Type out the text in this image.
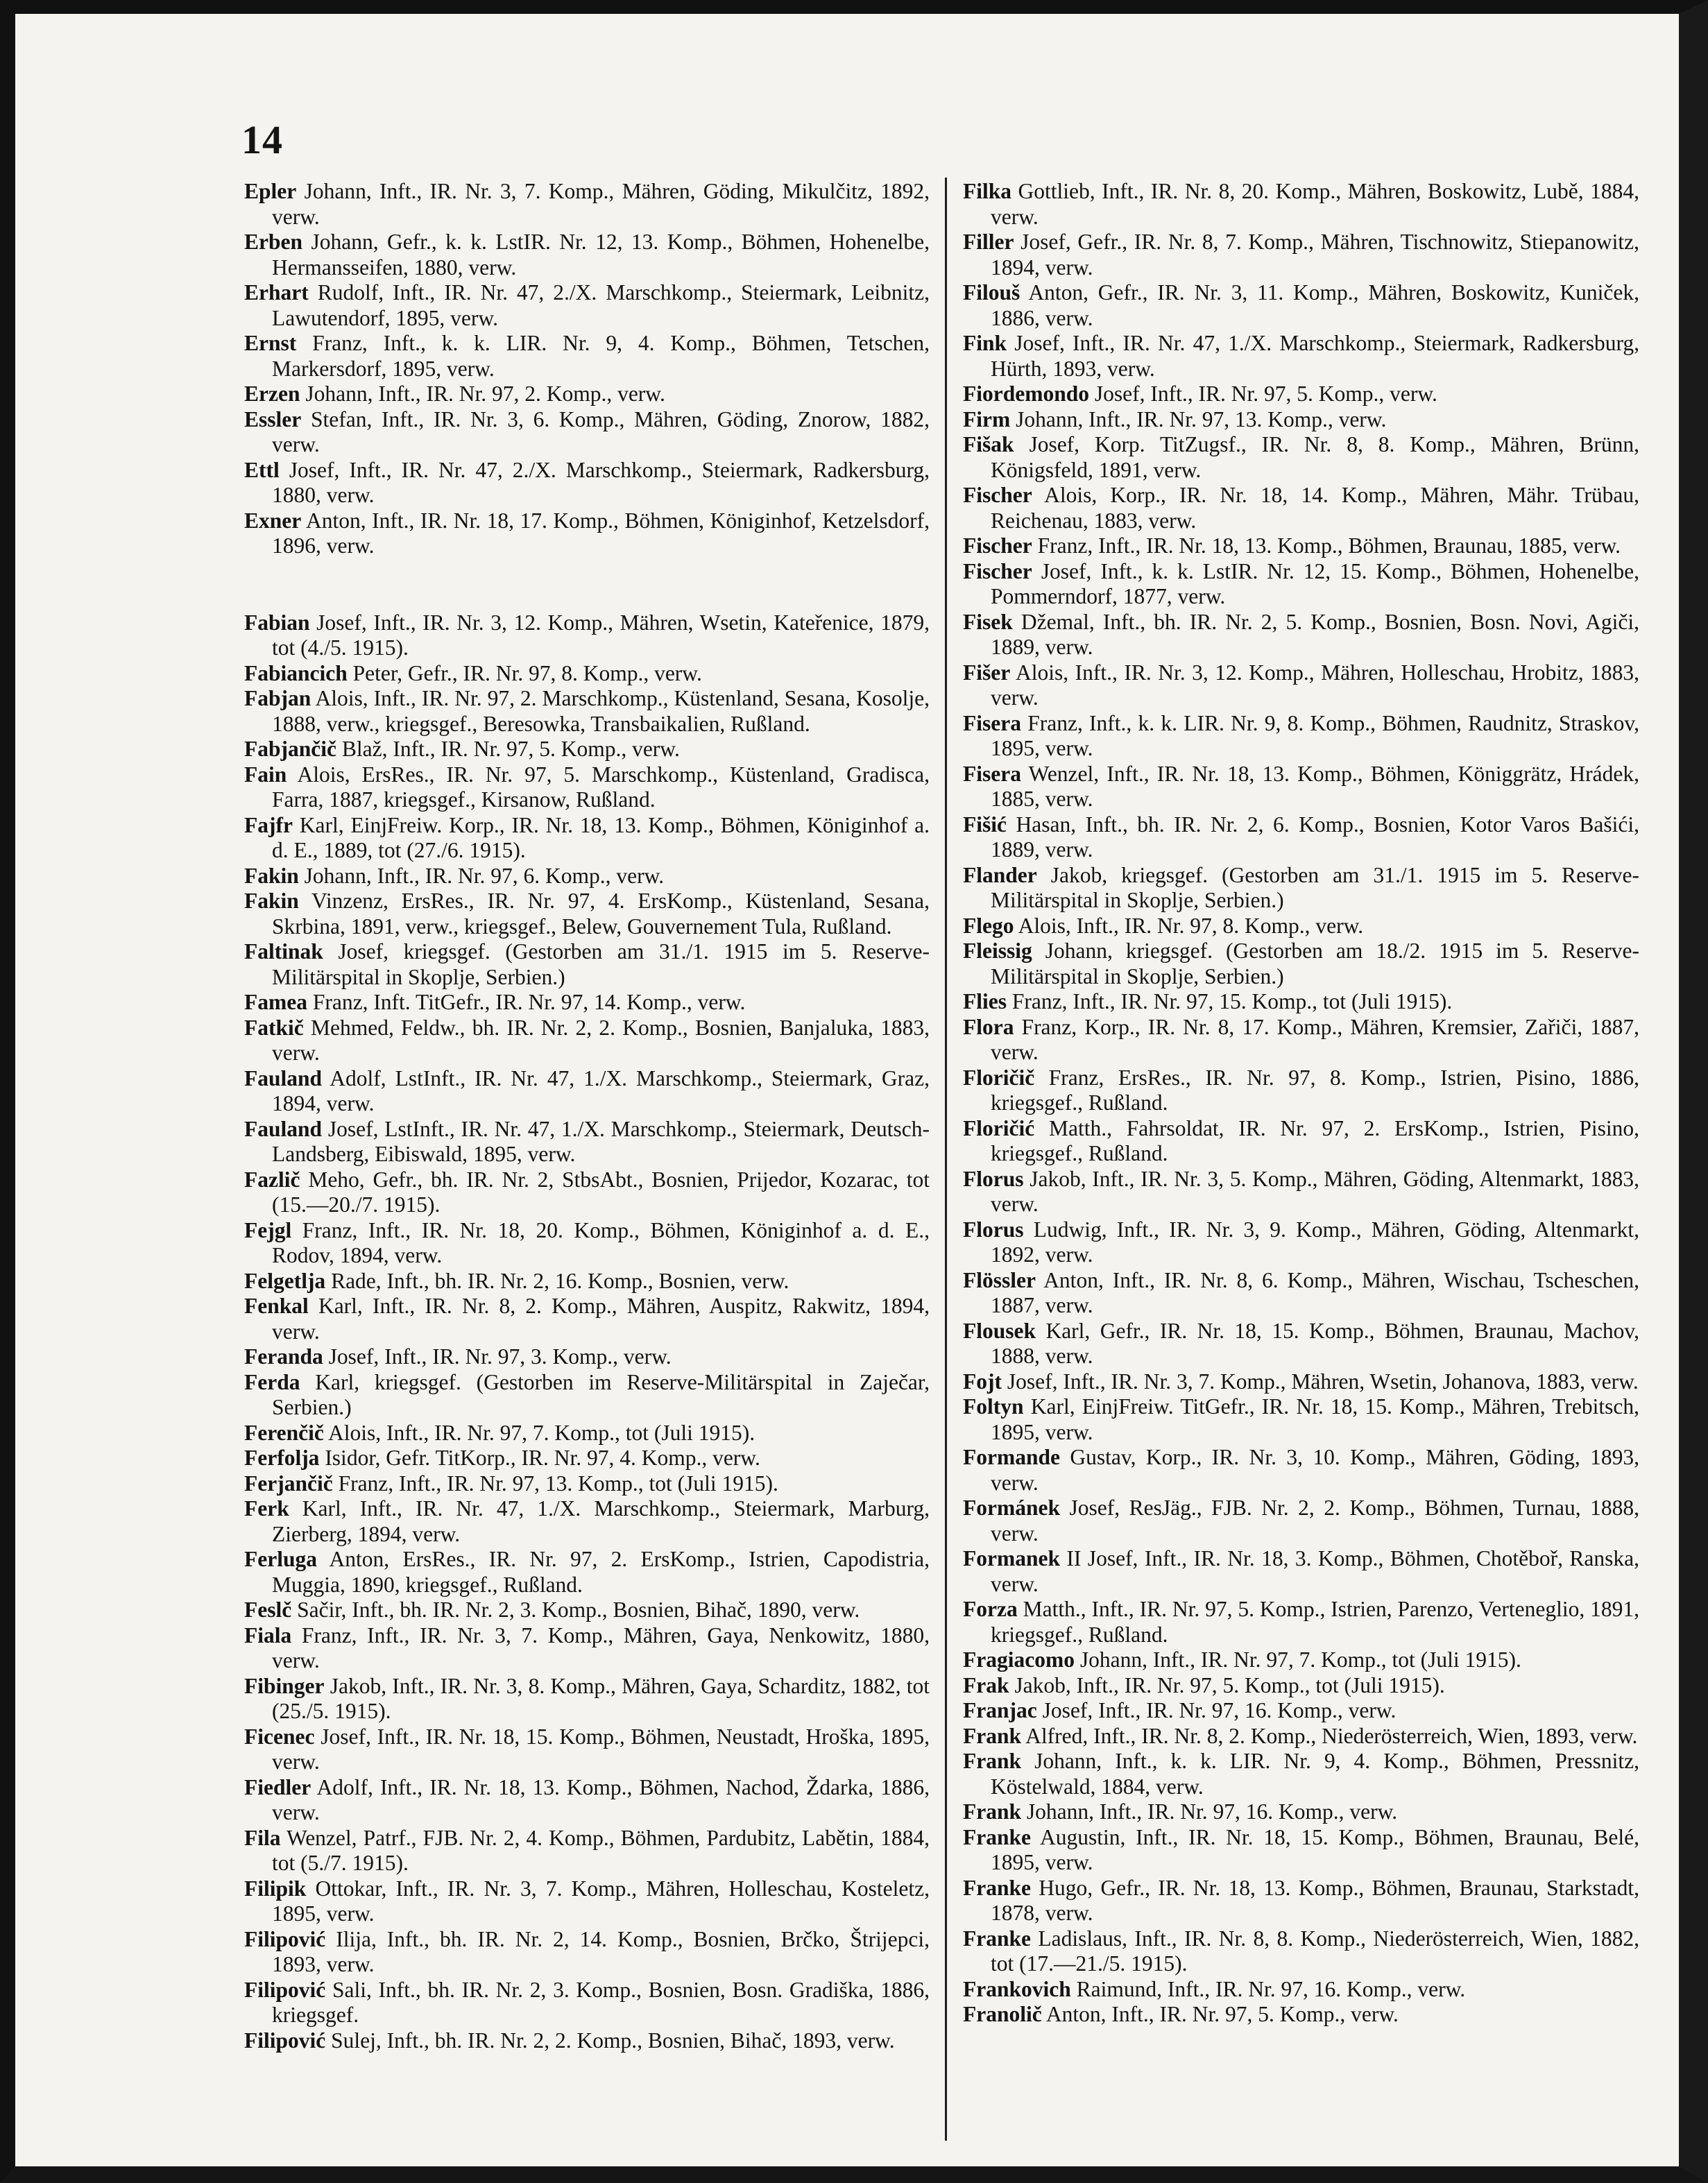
14

Epler Johann, Inft., IR. Nr. 3, 7. Komp., Mähren, Göding, Mikulčitz, 1892, verw.

Erben Johann, Gefr., k. k. LstIR. Nr. 12, 13. Komp., Böhmen, Hohenelbe, Hermansseifen, 1880, verw.

Erhart Rudolf, Inft., IR. Nr. 47, 2./X. Marschkomp., Steiermark, Leibnitz, Lawutendorf, 1895, verw.

Ernst Franz, Inft., k. k. LIR. Nr. 9, 4. Komp., Böhmen, Tetschen, Markersdorf, 1895, verw.

Erzen Johann, Inft., IR. Nr. 97, 2. Komp., verw.

Essler Stefan, Inft., IR. Nr. 3, 6. Komp., Mähren, Göding, Znorow, 1882, verw.

Ettl Josef, Inft., IR. Nr. 47, 2./X. Marschkomp., Steiermark, Radkersburg, 1880, verw.

Exner Anton, Inft., IR. Nr. 18, 17. Komp., Böhmen, Königinhof, Ketzelsdorf, 1896, verw.

Fabian Josef, Inft., IR. Nr. 3, 12. Komp., Mähren, Wsetin, Kateřenice, 1879, tot (4./5. 1915).

Fabiancich Peter, Gefr., IR. Nr. 97, 8. Komp., verw.

Fabjan Alois, Inft., IR. Nr. 97, 2. Marschkomp., Küstenland, Sesana, Kosolje, 1888, verw., kriegsgef., Beresowka, Transbaikalien, Rußland.

Fabjančič Blaž, Inft., IR. Nr. 97, 5. Komp., verw.

Fain Alois, ErsRes., IR. Nr. 97, 5. Marschkomp., Küstenland, Gradisca, Farra, 1887, kriegsgef., Kirsanow, Rußland.

Fajfr Karl, EinjFreiw. Korp., IR. Nr. 18, 13. Komp., Böhmen, Königinhof a. d. E., 1889, tot (27./6. 1915).

Fakin Johann, Inft., IR. Nr. 97, 6. Komp., verw.

Fakin Vinzenz, ErsRes., IR. Nr. 97, 4. ErsKomp., Küstenland, Sesana, Skrbina, 1891, verw., kriegsgef., Belew, Gouvernement Tula, Rußland.

Faltinak Josef, kriegsgef. (Gestorben am 31./1. 1915 im 5. Reserve-Militärspital in Skoplje, Serbien.)

Famea Franz, Inft. TitGefr., IR. Nr. 97, 14. Komp., verw.

Fatkič Mehmed, Feldw., bh. IR. Nr. 2, 2. Komp., Bosnien, Banjaluka, 1883, verw.

Fauland Adolf, LstInft., IR. Nr. 47, 1./X. Marschkomp., Steiermark, Graz, 1894, verw.

Fauland Josef, LstInft., IR. Nr. 47, 1./X. Marschkomp., Steiermark, Deutsch-Landsberg, Eibiswald, 1895, verw.

Fazlič Meho, Gefr., bh. IR. Nr. 2, StbsAbt., Bosnien, Prijedor, Kozarac, tot (15.—20./7. 1915).

Fejgl Franz, Inft., IR. Nr. 18, 20. Komp., Böhmen, Königinhof a. d. E., Rodov, 1894, verw.

Felgetlja Rade, Inft., bh. IR. Nr. 2, 16. Komp., Bosnien, verw.

Fenkal Karl, Inft., IR. Nr. 8, 2. Komp., Mähren, Auspitz, Rakwitz, 1894, verw.

Feranda Josef, Inft., IR. Nr. 97, 3. Komp., verw.

Ferda Karl, kriegsgef. (Gestorben im Reserve-Militärspital in Zaječar, Serbien.)

Ferenčič Alois, Inft., IR. Nr. 97, 7. Komp., tot (Juli 1915).

Ferfolja Isidor, Gefr. TitKorp., IR. Nr. 97, 4. Komp., verw.

Ferjančič Franz, Inft., IR. Nr. 97, 13. Komp., tot (Juli 1915).

Ferk Karl, Inft., IR. Nr. 47, 1./X. Marschkomp., Steiermark, Marburg, Zierberg, 1894, verw.

Ferluga Anton, ErsRes., IR. Nr. 97, 2. ErsKomp., Istrien, Capodistria, Muggia, 1890, kriegsgef., Rußland.

Feslč Sačir, Inft., bh. IR. Nr. 2, 3. Komp., Bosnien, Bihač, 1890, verw.

Fiala Franz, Inft., IR. Nr. 3, 7. Komp., Mähren, Gaya, Nenkowitz, 1880, verw.

Fibinger Jakob, Inft., IR. Nr. 3, 8. Komp., Mähren, Gaya, Scharditz, 1882, tot (25./5. 1915).

Ficenec Josef, Inft., IR. Nr. 18, 15. Komp., Böhmen, Neustadt, Hroška, 1895, verw.

Fiedler Adolf, Inft., IR. Nr. 18, 13. Komp., Böhmen, Nachod, Ždarka, 1886, verw.

Fila Wenzel, Patrf., FJB. Nr. 2, 4. Komp., Böhmen, Pardubitz, Labětin, 1884, tot (5./7. 1915).

Filipik Ottokar, Inft., IR. Nr. 3, 7. Komp., Mähren, Holleschau, Kosteletz, 1895, verw.

Filipović Ilija, Inft., bh. IR. Nr. 2, 14. Komp., Bosnien, Brčko, Štrijepci, 1893, verw.

Filipović Sali, Inft., bh. IR. Nr. 2, 3. Komp., Bosnien, Bosn. Gradiška, 1886, kriegsgef.

Filipović Sulej, Inft., bh. IR. Nr. 2, 2. Komp., Bosnien, Bihač, 1893, verw.

Filka Gottlieb, Inft., IR. Nr. 8, 20. Komp., Mähren, Boskowitz, Lubě, 1884, verw.

Filler Josef, Gefr., IR. Nr. 8, 7. Komp., Mähren, Tischnowitz, Stiepanowitz, 1894, verw.

Filouš Anton, Gefr., IR. Nr. 3, 11. Komp., Mähren, Boskowitz, Kuniček, 1886, verw.

Fink Josef, Inft., IR. Nr. 47, 1./X. Marschkomp., Steiermark, Radkersburg, Hürth, 1893, verw.

Fiordemondo Josef, Inft., IR. Nr. 97, 5. Komp., verw.

Firm Johann, Inft., IR. Nr. 97, 13. Komp., verw.

Fišak Josef, Korp. TitZugsf., IR. Nr. 8, 8. Komp., Mähren, Brünn, Königsfeld, 1891, verw.

Fischer Alois, Korp., IR. Nr. 18, 14. Komp., Mähren, Mähr. Trübau, Reichenau, 1883, verw.

Fischer Franz, Inft., IR. Nr. 18, 13. Komp., Böhmen, Braunau, 1885, verw.

Fischer Josef, Inft., k. k. LstIR. Nr. 12, 15. Komp., Böhmen, Hohenelbe, Pommerndorf, 1877, verw.

Fisek Džemal, Inft., bh. IR. Nr. 2, 5. Komp., Bosnien, Bosn. Novi, Agiči, 1889, verw.

Fišer Alois, Inft., IR. Nr. 3, 12. Komp., Mähren, Holleschau, Hrobitz, 1883, verw.

Fisera Franz, Inft., k. k. LIR. Nr. 9, 8. Komp., Böhmen, Raudnitz, Straskov, 1895, verw.

Fisera Wenzel, Inft., IR. Nr. 18, 13. Komp., Böhmen, Königgrätz, Hrádek, 1885, verw.

Fišić Hasan, Inft., bh. IR. Nr. 2, 6. Komp., Bosnien, Kotor Varos Bašići, 1889, verw.

Flander Jakob, kriegsgef. (Gestorben am 31./1. 1915 im 5. Reserve-Militärspital in Skoplje, Serbien.)

Flego Alois, Inft., IR. Nr. 97, 8. Komp., verw.

Fleissig Johann, kriegsgef. (Gestorben am 18./2. 1915 im 5. Reserve-Militärspital in Skoplje, Serbien.)

Flies Franz, Inft., IR. Nr. 97, 15. Komp., tot (Juli 1915).

Flora Franz, Korp., IR. Nr. 8, 17. Komp., Mähren, Kremsier, Zařiči, 1887, verw.

Floričič Franz, ErsRes., IR. Nr. 97, 8. Komp., Istrien, Pisino, 1886, kriegsgef., Rußland.

Floričić Matth., Fahrsoldat, IR. Nr. 97, 2. ErsKomp., Istrien, Pisino, kriegsgef., Rußland.

Florus Jakob, Inft., IR. Nr. 3, 5. Komp., Mähren, Göding, Altenmarkt, 1883, verw.

Florus Ludwig, Inft., IR. Nr. 3, 9. Komp., Mähren, Göding, Altenmarkt, 1892, verw.

Flössler Anton, Inft., IR. Nr. 8, 6. Komp., Mähren, Wischau, Tscheschen, 1887, verw.

Flousek Karl, Gefr., IR. Nr. 18, 15. Komp., Böhmen, Braunau, Machov, 1888, verw.

Fojt Josef, Inft., IR. Nr. 3, 7. Komp., Mähren, Wsetin, Johanova, 1883, verw.

Foltyn Karl, EinjFreiw. TitGefr., IR. Nr. 18, 15. Komp., Mähren, Trebitsch, 1895, verw.

Formande Gustav, Korp., IR. Nr. 3, 10. Komp., Mähren, Göding, 1893, verw.

Formánek Josef, ResJäg., FJB. Nr. 2, 2. Komp., Böhmen, Turnau, 1888, verw.

Formanek II Josef, Inft., IR. Nr. 18, 3. Komp., Böhmen, Chotěboř, Ranska, verw.

Forza Matth., Inft., IR. Nr. 97, 5. Komp., Istrien, Parenzo, Verteneglio, 1891, kriegsgef., Rußland.

Fragiacomo Johann, Inft., IR. Nr. 97, 7. Komp., tot (Juli 1915).

Frak Jakob, Inft., IR. Nr. 97, 5. Komp., tot (Juli 1915).

Franjac Josef, Inft., IR. Nr. 97, 16. Komp., verw.

Frank Alfred, Inft., IR. Nr. 8, 2. Komp., Niederösterreich, Wien, 1893, verw.

Frank Johann, Inft., k. k. LIR. Nr. 9, 4. Komp., Böhmen, Pressnitz, Köstelwald, 1884, verw.

Frank Johann, Inft., IR. Nr. 97, 16. Komp., verw.

Franke Augustin, Inft., IR. Nr. 18, 15. Komp., Böhmen, Braunau, Belé, 1895, verw.

Franke Hugo, Gefr., IR. Nr. 18, 13. Komp., Böhmen, Braunau, Starkstadt, 1878, verw.

Franke Ladislaus, Inft., IR. Nr. 8, 8. Komp., Niederösterreich, Wien, 1882, tot (17.—21./5. 1915).

Frankovich Raimund, Inft., IR. Nr. 97, 16. Komp., verw.

Franolič Anton, Inft., IR. Nr. 97, 5. Komp., verw.
